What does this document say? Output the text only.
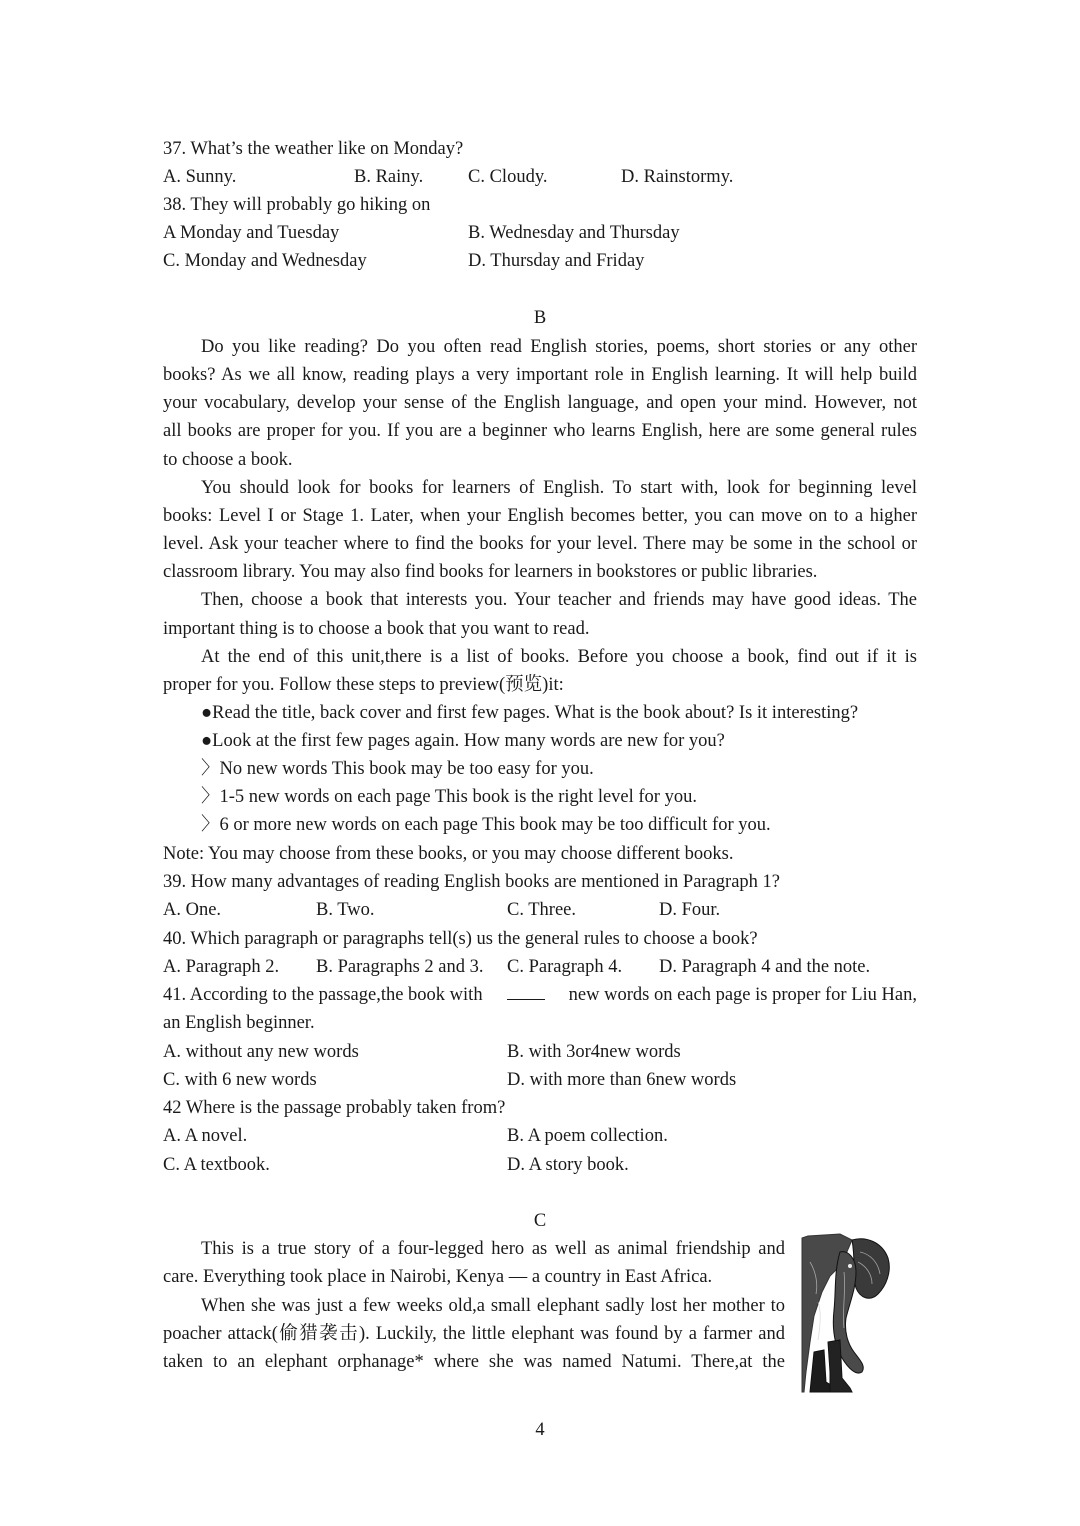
37. What’s the weather like on Monday?
A. Sunny.	B. Rainy. C. Cloudy.	D. Rainstormy.
38. They will probably go hiking on
A Monday and Tuesday	B. Wednesday and Thursday
C. Monday and Wednesday	D. Thursday and Friday
B
Do you like reading? Do you often read English stories, poems, short stories or any other
books? As we all know, reading plays a very important role in English learning. It will help build
your vocabulary, develop your sense of the English language, and open your mind. However, not
all books are proper for you. If you are a beginner who learns English, here are some general rules
to choose a book.
You should look for books for learners of English. To start with, look for beginning level
books: Level I or Stage 1. Later, when your English becomes better, you can move on to a higher
level. Ask your teacher where to find the books for your level. There may be some in the school or
classroom library. You may also find books for learners in bookstores or public libraries.
Then, choose a book that interests you. Your teacher and friends may have good ideas. The
important thing is to choose a book that you want to read.
At the end of this unit,there is a list of books. Before you choose a book, find out if it is
proper for you. Follow these steps to preview(预览)it:
●Read the title, back cover and first few pages. What is the book about? Is it interesting?
●Look at the first few pages again. How many words are new for you?
〉No new words This book may be too easy for you.
〉1-5 new words on each page This book is the right level for you.
〉6 or more new words on each page This book may be too difficult for you.
Note: You may choose from these books, or you may choose different books.
39. How many advantages of reading English books are mentioned in Paragraph 1?
A. One.	B. Two.	C. Three.	D. Four.
40. Which paragraph or paragraphs tell(s) us the general rules to choose a book?
A. Paragraph 2. B. Paragraphs 2 and 3. C. Paragraph 4. D. Paragraph 4 and the note.
41. According to the passage,the book with	new words on each page is proper for Liu Han,
an English beginner.
A. without any new words	B. with 3or4new words
C. with 6 new words	D. with more than 6new words
42 Where is the passage probably taken from?
A. A novel.	B. A poem collection.
C. A textbook.	D. A story book.
C
This is a true story of a four-legged hero as well as animal friendship and
care. Everything took place in Nairobi, Kenya — a country in East Africa.
When she was just a few weeks old,a small elephant sadly lost her mother to
poacher attack(偷猎袭击). Luckily, the little elephant was found by a farmer and
taken to an elephant orphanage* where she was named Natumi. There,at the
4
